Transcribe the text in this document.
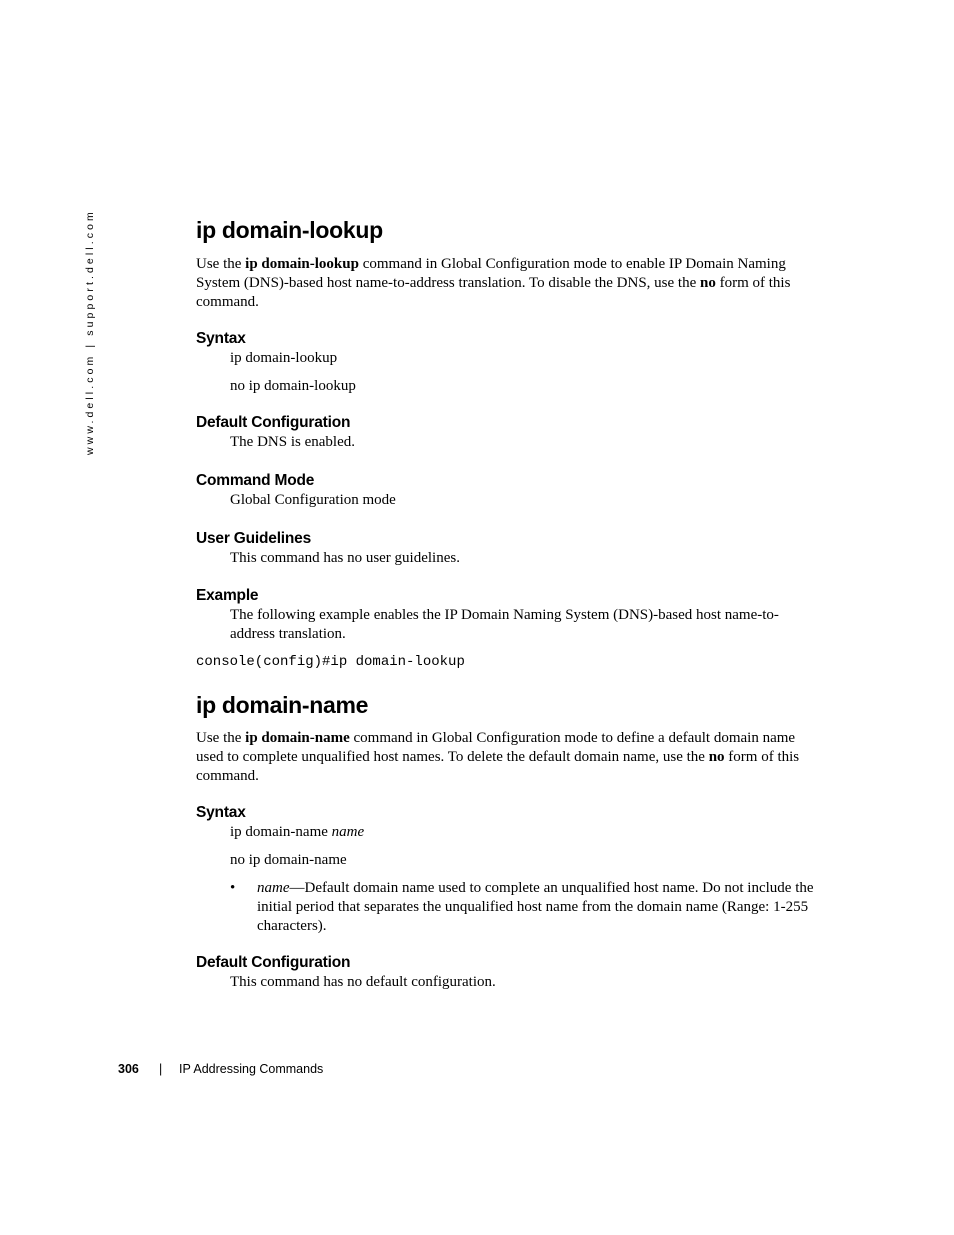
www.dell.com | support.dell.com	ip domain-lookup

Use the ip domain-lookup command in Global Configuration mode to enable IP Domain Naming System (DNS)-based host name-to-address translation. To disable the DNS, use the no form of this command.

Syntax

ip domain-lookup

no ip domain-lookup

Default Configuration

The DNS is enabled.

Command Mode

Global Configuration mode

User Guidelines

This command has no user guidelines.

Example

The following example enables the IP Domain Naming System (DNS)-based host name-to-address translation.

console(config)#ip domain-lookup

ip domain-name

Use the ip domain-name command in Global Configuration mode to define a default domain name used to complete unqualified host names. To delete the default domain name, use the no form of this command.

Syntax

ip domain-name name

no ip domain-name

• name—Default domain name used to complete an unqualified host name. Do not include the initial period that separates the unqualified host name from the domain name (Range: 1-255 characters).
Default Configuration

This command has no default configuration.

306 | IP Addressing Commands
